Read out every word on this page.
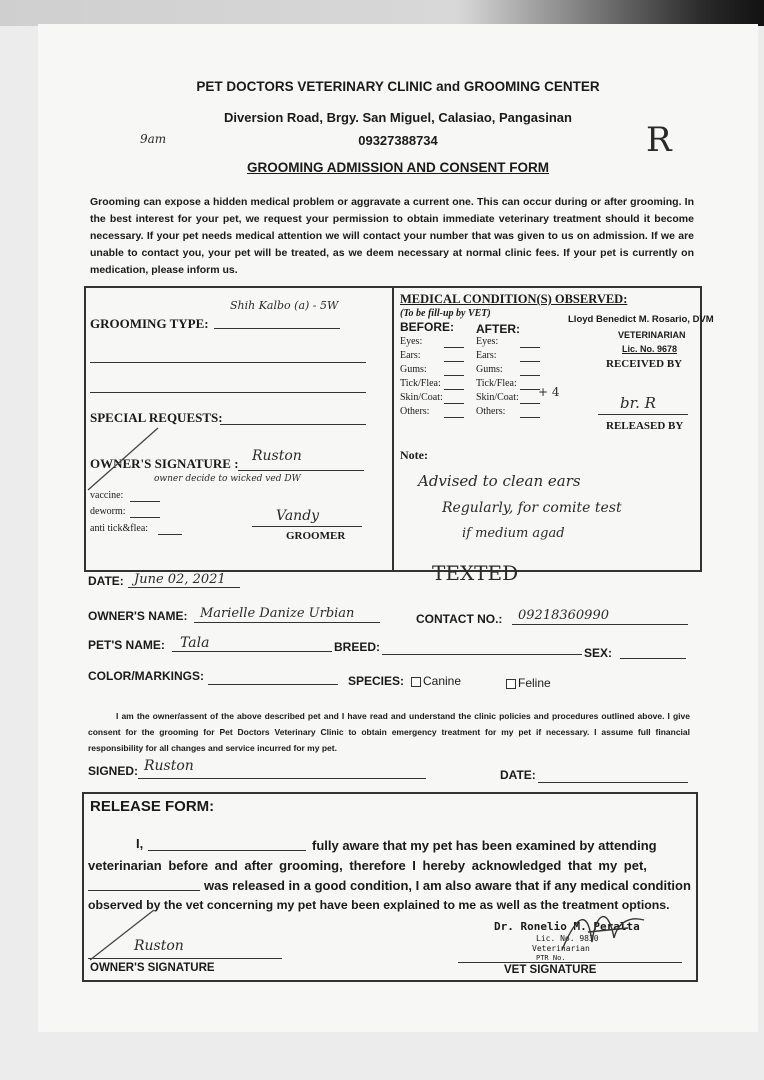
PET DOCTORS VETERINARY CLINIC and GROOMING CENTER
Diversion Road, Brgy. San Miguel, Calasiao, Pangasinan
09327388734
GROOMING ADMISSION AND CONSENT FORM
9am	R
Grooming can expose a hidden medical problem or aggravate a current one. This can occur during or after grooming. In the best interest for your pet, we request your permission to obtain immediate veterinary treatment should it become necessary. If your pet needs medical attention we will contact your number that was given to us on admission. If we are unable to contact you, your pet will be treated, as we deem necessary at normal clinic fees. If your pet is currently on medication, please inform us.
Shih Kalbo (a) - 5W
GROOMING TYPE:
SPECIAL REQUESTS:
OWNER'S SIGNATURE : Ruston
owner decide to wicked ved DW
vaccine:
deworm:
anti tick&flea:
Vandy
GROOMER
MEDICAL CONDITION(S) OBSERVED:
(To be fill-up by VET)
BEFORE: AFTER:
Eyes:
Ears:
Gums:
Tick/Flea:
Skin/Coat:
Others:
Eyes:
Ears:
Gums:
Tick/Flea:
Skin/Coat:
Others:
+ 4
Lloyd Benedict M. Rosario, DVM
VETERINARIAN
Lic. No. 9678
RECEIVED BY
br. R
RELEASED BY
Note:
Advised to clean ears
Regularly, for comite test
if medium agad
TEXTED
DATE: June 02, 2021
OWNER'S NAME: Marielle Danize Urbian	CONTACT NO.: 09218360990
PET'S NAME: Tala	BREED:	SEX:
COLOR/MARKINGS:	SPECIES: Canine	Feline
I am the owner/assent of the above described pet and I have read and understand the clinic policies and procedures outlined above. I give consent for the grooming for Pet Doctors Veterinary Clinic to obtain emergency treatment for my pet if necessary. I assume full financial responsibility for all changes and service incurred for my pet.
SIGNED: Ruston
DATE:
RELEASE FORM:
I,	fully aware that my pet has been examined by attending
veterinarian before and after grooming, therefore I hereby acknowledged that my pet,
was released in a good condition, I am also aware that if any medical condition
observed by the vet concerning my pet have been explained to me as well as the treatment options.
Ruston
OWNER'S SIGNATURE
Dr. Ronelio M. Peralta
Lic. No. 9830
Veterinarian
PTR No.
VET SIGNATURE
